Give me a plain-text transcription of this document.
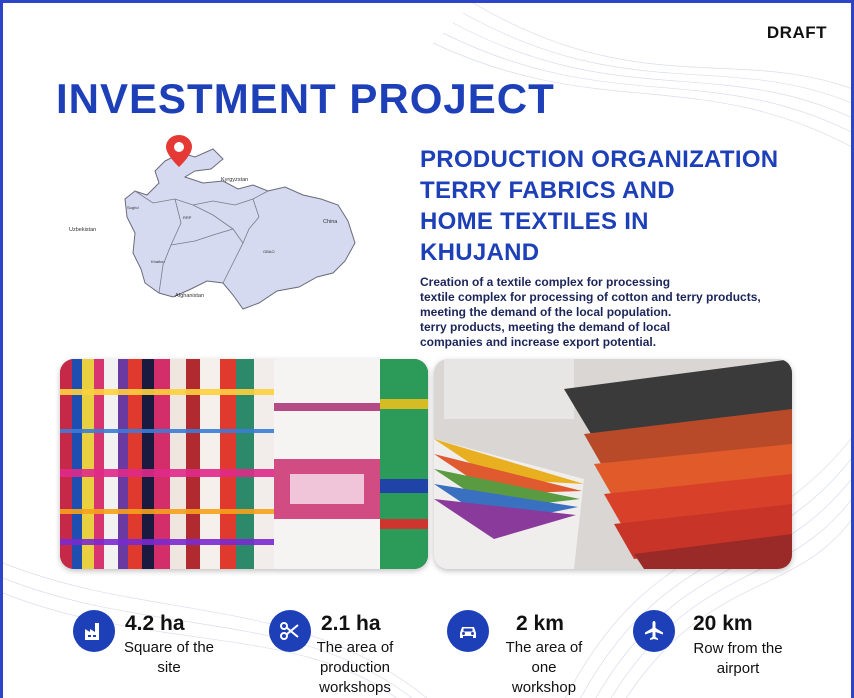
DRAFT
INVESTMENT PROJECT
Kyrgyzstan
Uzbekistan
China
Afghanistan
Sughd
RRP
Khatlon
GBAO
PRODUCTION ORGANIZATION
TERRY FABRICS AND
HOME TEXTILES IN
KHUJAND
Creation of a textile complex for processing
textile complex for processing of cotton and terry products,
meeting the demand of the local population.
terry products, meeting the demand of local
companies and increase export potential.
4.2 ha
Square of the
site
2.1 ha
The area of
production
workshops
2 km
The area of
one
workshop
20 km
Row from the
airport
